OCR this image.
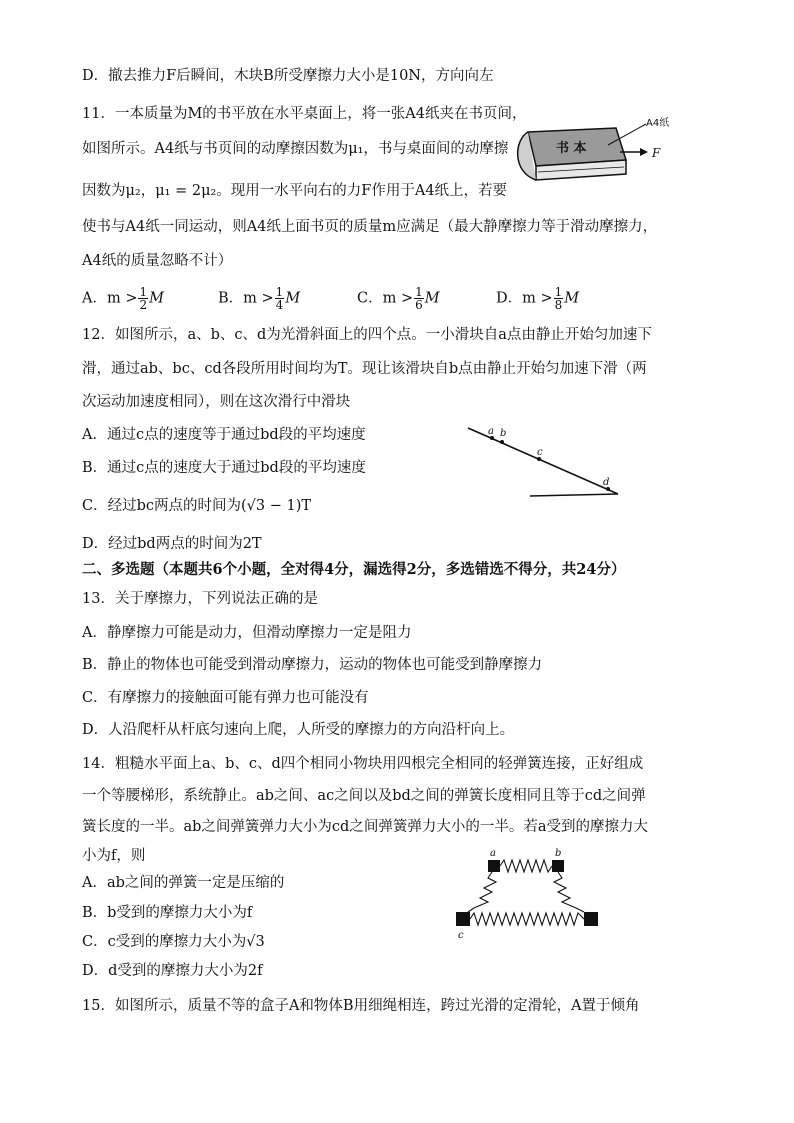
D．撤去推力F后瞬间，木块B所受摩擦力大小是10N，方向向左
11．一本质量为M的书平放在水平桌面上，将一张A4纸夹在书页间，
如图所示。A4纸与书页间的动摩擦因数为μ₁，书与桌面间的动摩擦
因数为μ₂，μ₁ = 2μ₂。现用一水平向右的力F作用于A4纸上，若要
使书与A4纸一同运动，则A4纸上面书页的质量m应满足（最大静摩擦力等于滑动摩擦力，
A4纸的质量忽略不计）
书 本
A4纸
F
A．$m > \frac{1}{2}$ M	B．$m > \frac{1}{4}$ M	C．$m > \frac{1}{6}$ M	D．$m > \frac{1}{8}$ M
12．如图所示，a、b、c、d为光滑斜面上的四个点。一小滑块自a点由静止开始匀加速下
滑，通过ab、bc、cd各段所用时间均为T。现让该滑块自b点由静止开始匀加速下滑（两
次运动加速度相同），则在这次滑行中滑块
A．通过c点的速度等于通过bd段的平均速度
B．通过c点的速度大于通过bd段的平均速度
C．经过bc两点的时间为(√3 − 1)T
D．经过bd两点的时间为2T
a b
c
d
二、多选题（本题共6个小题，全对得4分，漏选得2分，多选错选不得分，共24分）
13．关于摩擦力，下列说法正确的是
A．静摩擦力可能是动力，但滑动摩擦力一定是阻力
B．静止的物体也可能受到滑动摩擦力，运动的物体也可能受到静摩擦力
C．有摩擦力的接触面可能有弹力也可能没有
D．人沿爬杆从杆底匀速向上爬，人所受的摩擦力的方向沿杆向上。
14．粗糙水平面上a、b、c、d四个相同小物块用四根完全相同的轻弹簧连接，正好组成
一个等腰梯形，系统静止。ab之间、ac之间以及bd之间的弹簧长度相同且等于cd之间弹
簧长度的一半。ab之间弹簧弹力大小为cd之间弹簧弹力大小的一半。若a受到的摩擦力大
小为f，则
A．ab之间的弹簧一定是压缩的
B．b受到的摩擦力大小为f
C．c受到的摩擦力大小为√3
D．d受到的摩擦力大小为2f
a	b
c
15．如图所示，质量不等的盒子A和物体B用细绳相连，跨过光滑的定滑轮，A置于倾角
